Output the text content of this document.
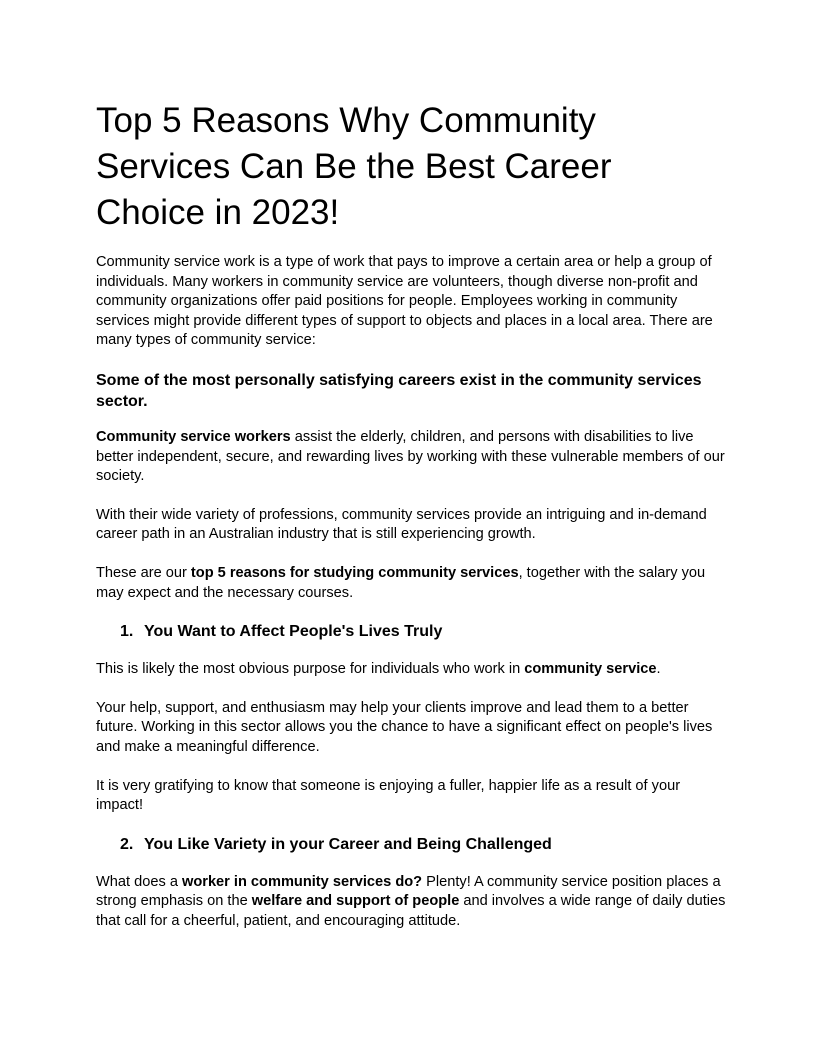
Top 5 Reasons Why Community Services Can Be the Best Career Choice in 2023!

Community service work is a type of work that pays to improve a certain area or help a group of individuals. Many workers in community service are volunteers, though diverse non-profit and community organizations offer paid positions for people. Employees working in community services might provide different types of support to objects and places in a local area. There are many types of community service:

Some of the most personally satisfying careers exist in the community services sector.

Community service workers assist the elderly, children, and persons with disabilities to live better independent, secure, and rewarding lives by working with these vulnerable members of our society.

With their wide variety of professions, community services provide an intriguing and in-demand career path in an Australian industry that is still experiencing growth.

These are our top 5 reasons for studying community services, together with the salary you may expect and the necessary courses.

1. You Want to Affect People's Lives Truly

This is likely the most obvious purpose for individuals who work in community service.

Your help, support, and enthusiasm may help your clients improve and lead them to a better future. Working in this sector allows you the chance to have a significant effect on people's lives and make a meaningful difference.

It is very gratifying to know that someone is enjoying a fuller, happier life as a result of your impact!

2. You Like Variety in your Career and Being Challenged

What does a worker in community services do? Plenty! A community service position places a strong emphasis on the welfare and support of people and involves a wide range of daily duties that call for a cheerful, patient, and encouraging attitude.
